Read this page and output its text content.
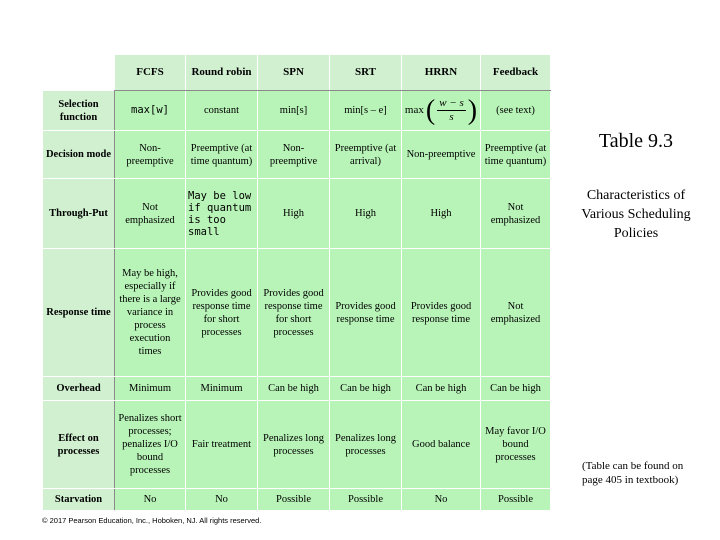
	FCFS	Round robin	SPN	SRT	HRRN	Feedback
Selection function	max[w]	constant	min[s]	min[s – e]	max ( $\frac{w - s}{s}$ )	(see text)
Decision mode	Non-preemptive	Preemptive (at time quantum)	Non-preemptive	Preemptive (at arrival)	Non-preemptive	Preemptive (at time quantum)
Through-Put	Not emphasized	May be low if quantum is too small	High	High	High	Not emphasized
Response time	May be high, especially if there is a large variance in process execution times	Provides good response time for short processes	Provides good response time for short processes	Provides good response time	Provides good response time	Not emphasized
Overhead	Minimum	Minimum	Can be high	Can be high	Can be high	Can be high
Effect on processes	Penalizes short processes; penalizes I/O bound processes	Fair treatment	Penalizes long processes	Penalizes long processes	Good balance	May favor I/O bound processes
Starvation	No	No	Possible	Possible	No	Possible
Table 9.3
Characteristics of Various Scheduling Policies
(Table can be found on page 405 in textbook)
© 2017 Pearson Education, Inc., Hoboken, NJ. All rights reserved.
